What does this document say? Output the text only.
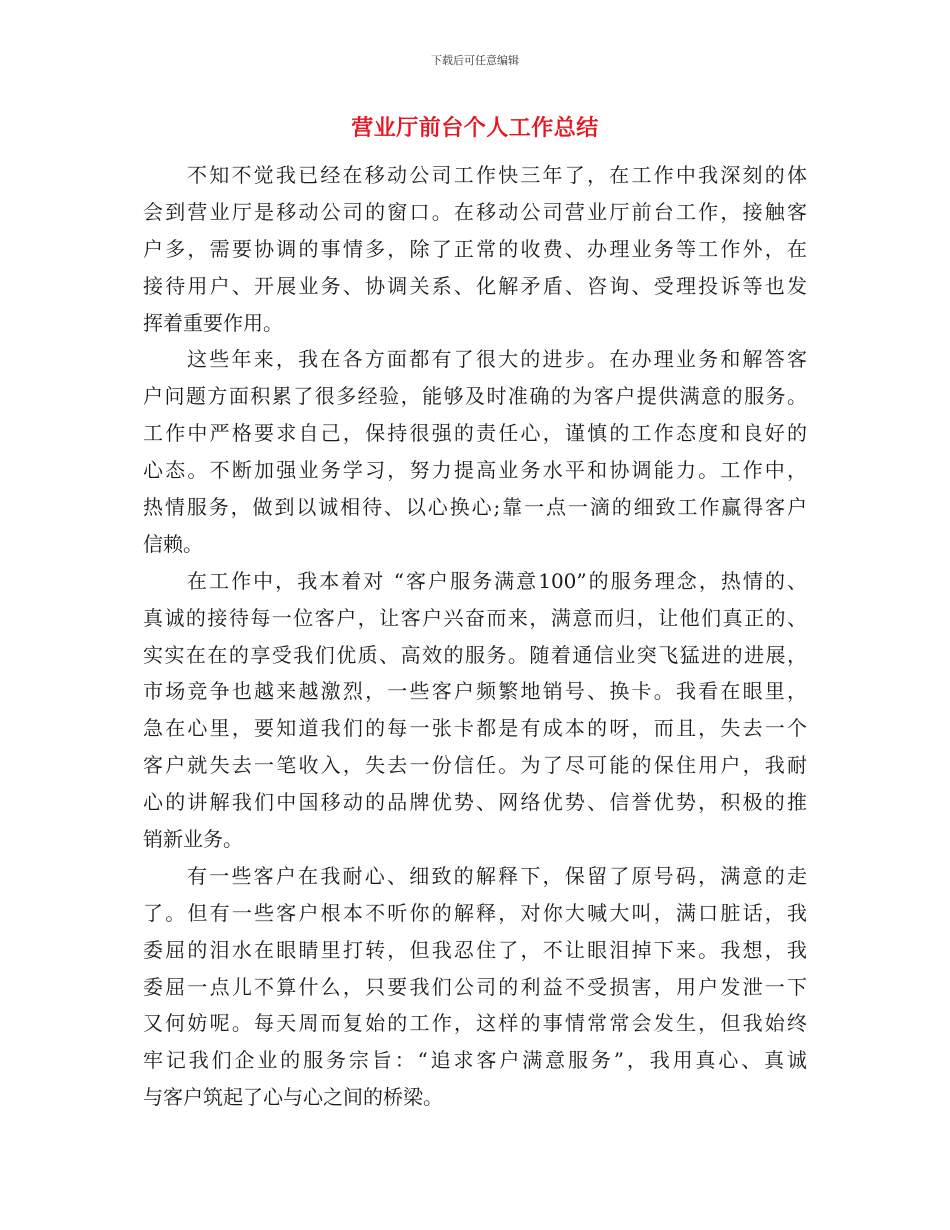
下载后可任意编辑
营业厅前台个人工作总结
不知不觉我已经在移动公司工作快三年了，在工作中我深刻的体
会到营业厅是移动公司的窗口。在移动公司营业厅前台工作，接触客
户多，需要协调的事情多，除了正常的收费、办理业务等工作外，在
接待用户、开展业务、协调关系、化解矛盾、咨询、受理投诉等也发
挥着重要作用。
这些年来，我在各方面都有了很大的进步。在办理业务和解答客
户问题方面积累了很多经验，能够及时准确的为客户提供满意的服务。
工作中严格要求自己，保持很强的责任心，谨慎的工作态度和良好的
心态。不断加强业务学习，努力提高业务水平和协调能力。工作中，
热情服务，做到以诚相待、以心换心;靠一点一滴的细致工作赢得客户
信赖。
在工作中，我本着对 “客户服务满意100”的服务理念，热情的、
真诚的接待每一位客户，让客户兴奋而来，满意而归，让他们真正的、
实实在在的享受我们优质、高效的服务。随着通信业突飞猛进的进展，
市场竞争也越来越激烈，一些客户频繁地销号、换卡。我看在眼里，
急在心里，要知道我们的每一张卡都是有成本的呀，而且，失去一个
客户就失去一笔收入，失去一份信任。为了尽可能的保住用户，我耐
心的讲解我们中国移动的品牌优势、网络优势、信誉优势，积极的推
销新业务。
有一些客户在我耐心、细致的解释下，保留了原号码，满意的走
了。但有一些客户根本不听你的解释，对你大喊大叫，满口脏话，我
委屈的泪水在眼睛里打转，但我忍住了，不让眼泪掉下来。我想，我
委屈一点儿不算什么，只要我们公司的利益不受损害，用户发泄一下
又何妨呢。每天周而复始的工作，这样的事情常常会发生，但我始终
牢记我们企业的服务宗旨：“追求客户满意服务”，我用真心、真诚
与客户筑起了心与心之间的桥梁。
